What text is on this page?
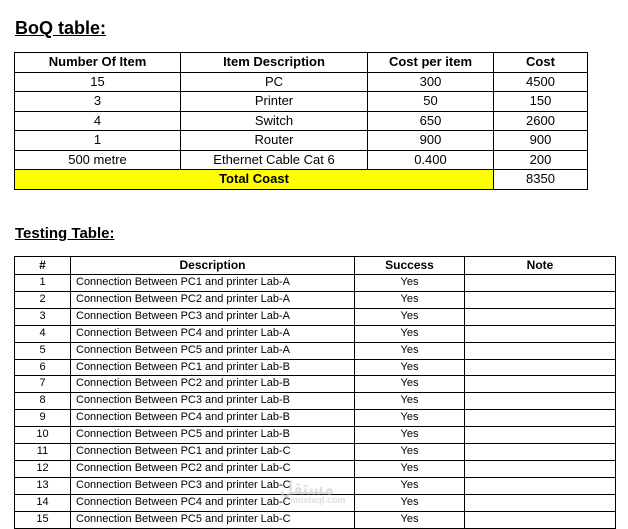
BoQ table:
Number Of Item	Item Description	Cost per item	Cost
15	PC	300	4500
3	Printer	50	150
4	Switch	650	2600
1	Router	900	900
500 metre	Ethernet Cable Cat 6	0.400	200
Total Coast			8350
Testing Table:
#	Description	Success	Note
1	Connection Between PC1 and printer Lab-A	Yes	
2	Connection Between PC2 and printer Lab-A	Yes	
3	Connection Between PC3 and printer Lab-A	Yes	
4	Connection Between PC4 and printer Lab-A	Yes	
5	Connection Between PC5 and printer Lab-A	Yes	
6	Connection Between PC1 and printer Lab-B	Yes	
7	Connection Between PC2 and printer Lab-B	Yes	
8	Connection Between PC3 and printer Lab-B	Yes	
9	Connection Between PC4 and printer Lab-B	Yes	
10	Connection Between PC5 and printer Lab-B	Yes	
11	Connection Between PC1 and printer Lab-C	Yes	
12	Connection Between PC2 and printer Lab-C	Yes	
13	Connection Between PC3 and printer Lab-C	Yes	
14	Connection Between PC4 and printer Lab-C	Yes	
15	Connection Between PC5 and printer Lab-C	Yes	
مستقل
mostaql.com
